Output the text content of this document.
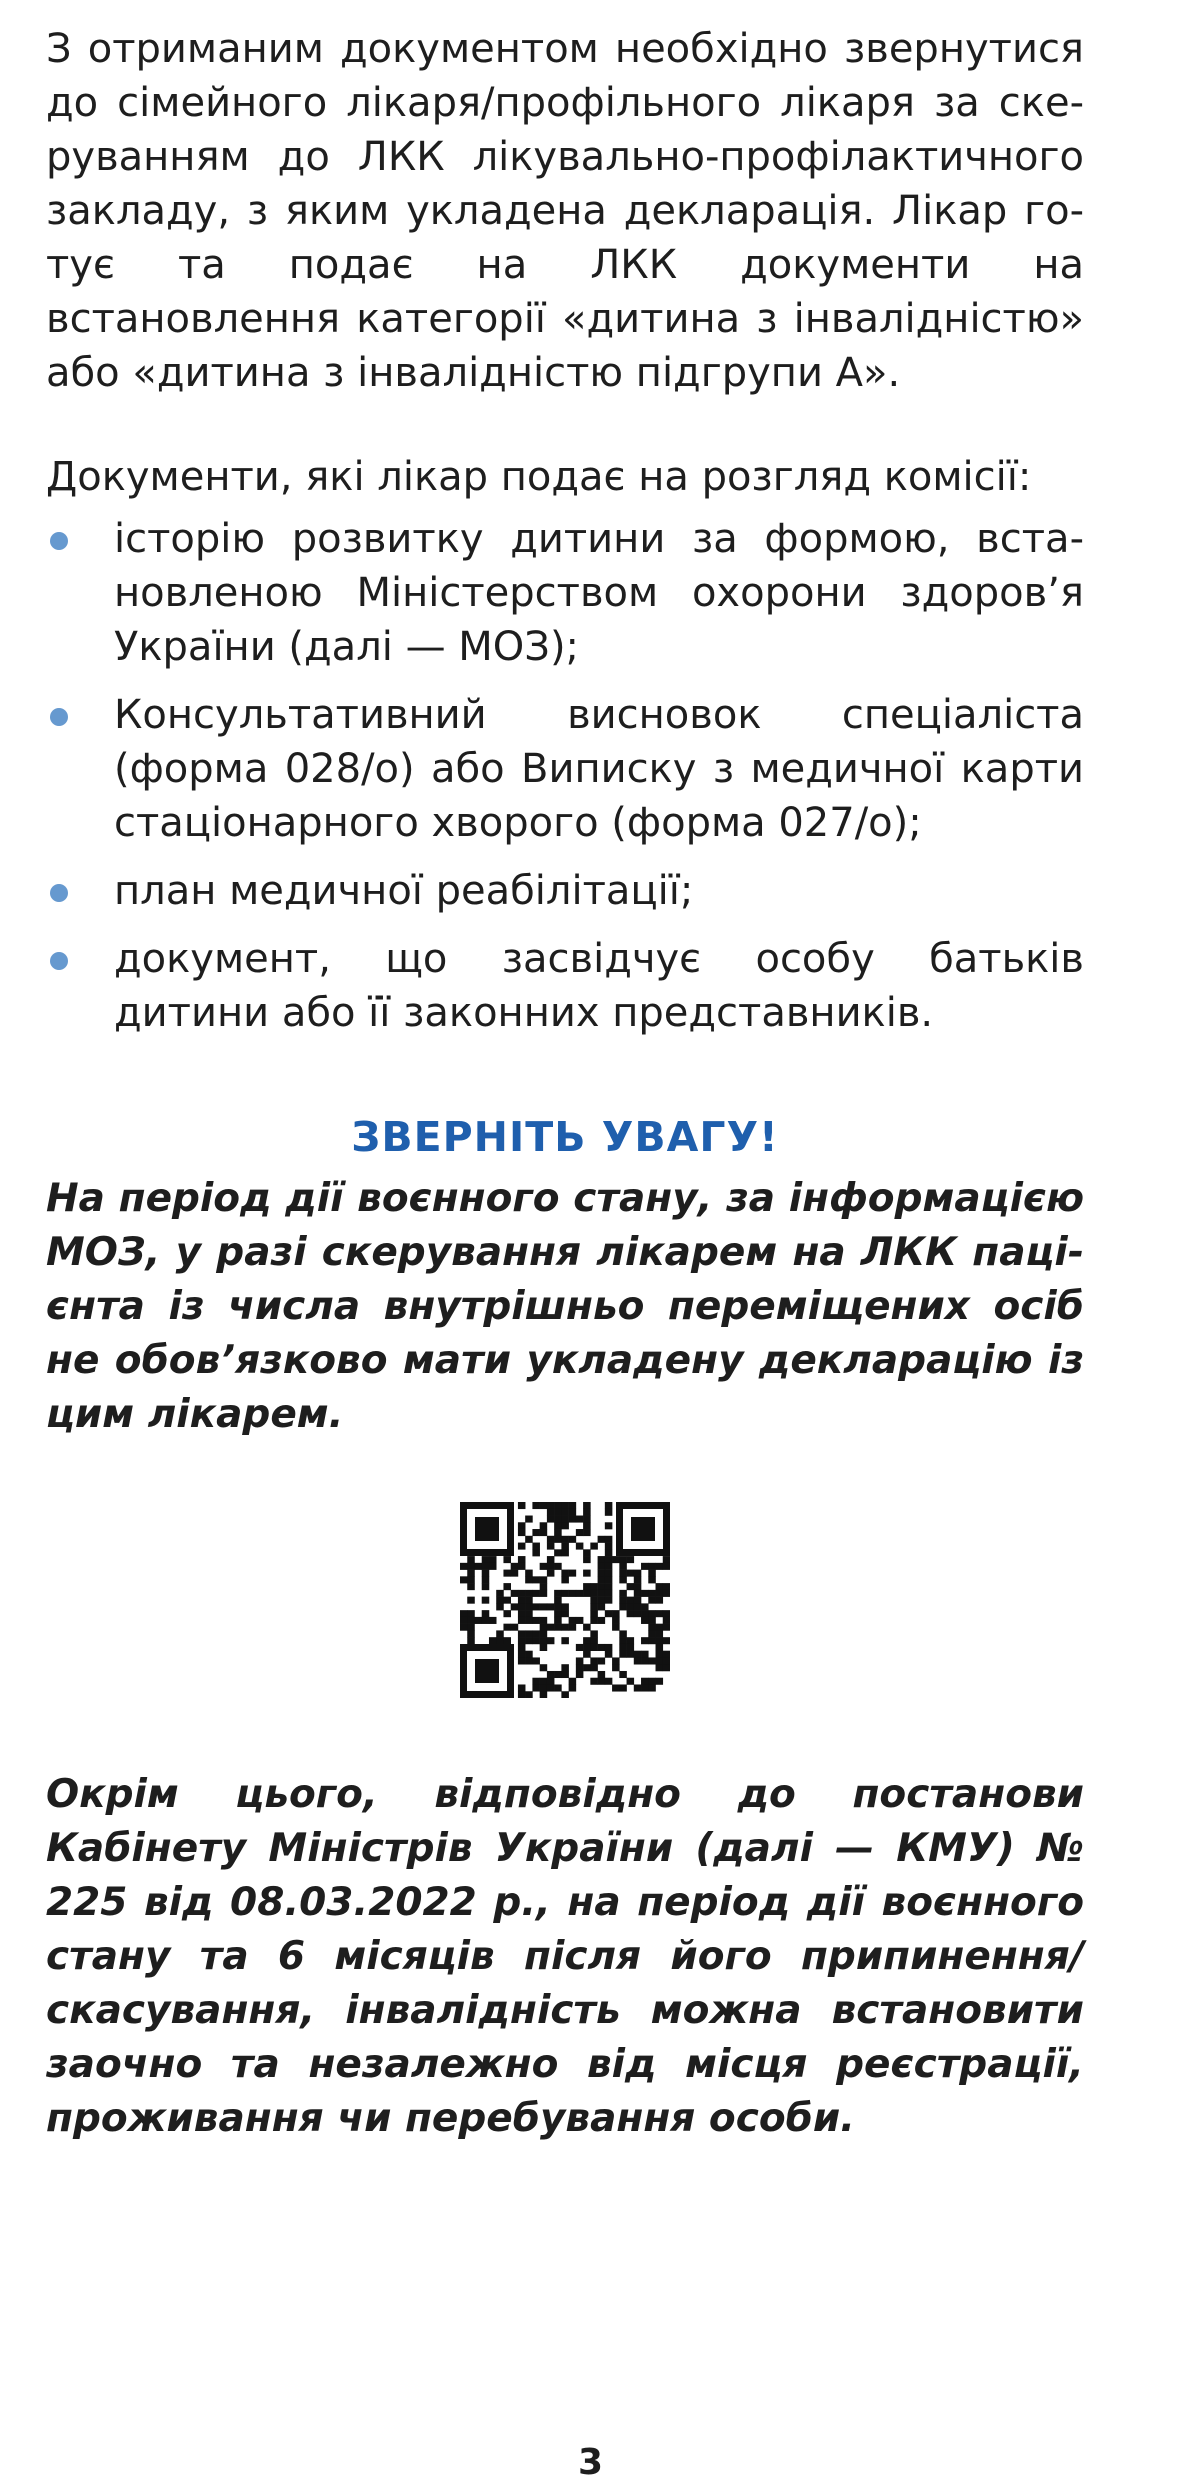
З отриманим документом необхідно звернутися до сімейного лікаря/профільного лікаря за скеруванням до ЛКК лікувально-профілактичного закладу, з яким укладена декларація. Лікар готує та подає на ЛКК документи на встановлення категорії «дитина з інвалідністю» або «дитина з інвалідністю підгрупи А».

Документи, які лікар подає на розгляд комісії:

історію розвитку дитини за формою, встановленою Міністерством охорони здоров’я України (далі — МОЗ);
Консультативний висновок спеціаліста (форма 028/о) або Виписку з медичної карти стаціонарного хворого (форма 027/о);
план медичної реабілітації;
документ, що засвідчує особу батьків дитини або її законних представників.
ЗВЕРНІТЬ УВАГУ!

На період дії воєнного стану, за інформацією МОЗ, у разі скерування лікарем на ЛКК пацієнта із числа внутрішньо переміщених осіб не обов’язково мати укладену декларацію із цим лікарем.

Окрім цього, відповідно до постанови Кабінету Міністрів України (далі — КМУ) № 225 від 08.03.2022 р., на період дії воєнного стану та 6 місяців після його припинення/скасування, інвалідність можна встановити заочно та незалежно від місця реєстрації, проживання чи перебування особи.

3
